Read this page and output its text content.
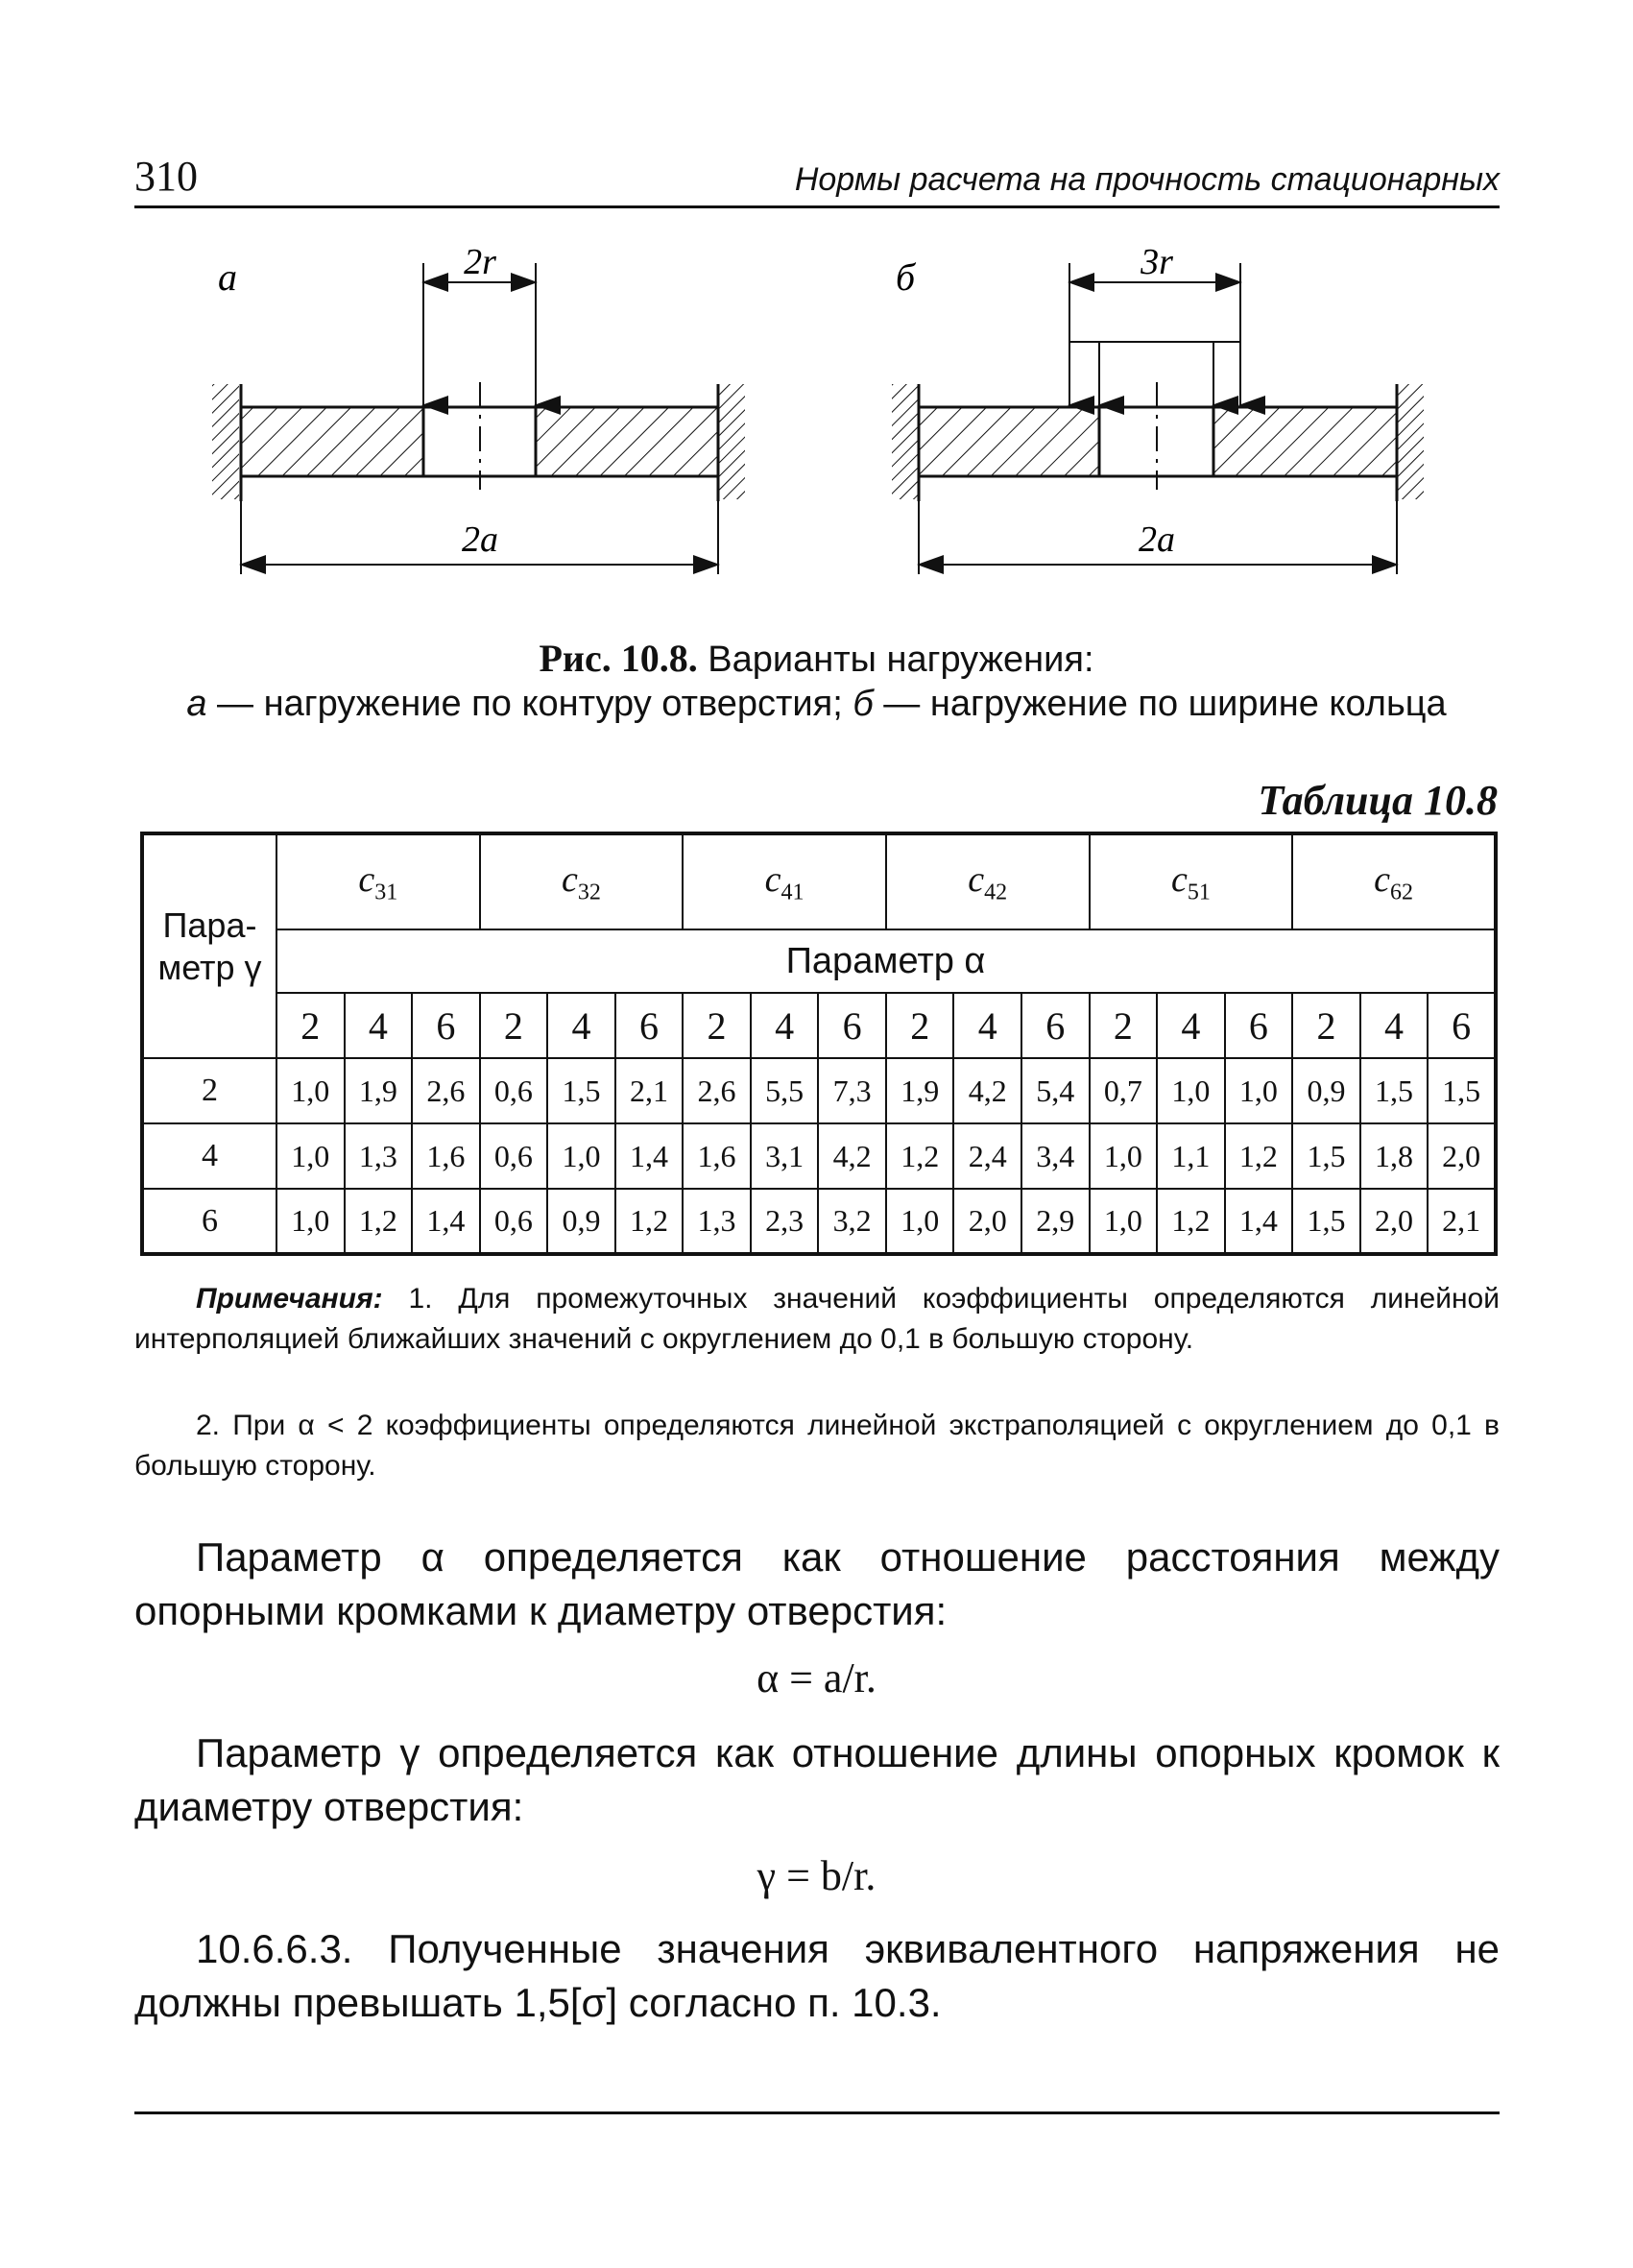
310	Нормы расчета на прочность стационарных
а	2r
2a
б	3r
2a
Рис. 10.8. Варианты нагружения:
а — нагружение по контуру отверстия; б — нагружение по ширине кольца
Таблица 10.8
Пара-
метр γ	$c_{31}$			$c_{32}$			$c_{41}$			$c_{42}$			$c_{51}$			$c_{62}$
	Параметр α																	
	2	4	6	2	4	6	2	4	6	2	4	6	2	4	6	2	4	6
2	1,0	1,9	2,6	0,6	1,5	2,1	2,6	5,5	7,3	1,9	4,2	5,4	0,7	1,0	1,0	0,9	1,5	1,5
4	1,0	1,3	1,6	0,6	1,0	1,4	1,6	3,1	4,2	1,2	2,4	3,4	1,0	1,1	1,2	1,5	1,8	2,0
6	1,0	1,2	1,4	0,6	0,9	1,2	1,3	2,3	3,2	1,0	2,0	2,9	1,0	1,2	1,4	1,5	2,0	2,1
Примечания: 1. Для промежуточных значений коэффициенты определяются линейной интерполяцией ближайших значений с округлением до 0,1 в большую сторону.
2. При α < 2 коэффициенты определяются линейной экстраполяцией с округлением до 0,1 в большую сторону.
Параметр α определяется как отношение расстояния между опорными кромками к диаметру отверстия:
α = a/r.
Параметр γ определяется как отношение длины опорных кромок к диаметру отверстия:
γ = b/r.
10.6.6.3. Полученные значения эквивалентного напряжения не должны превышать 1,5[σ] согласно п. 10.3.
